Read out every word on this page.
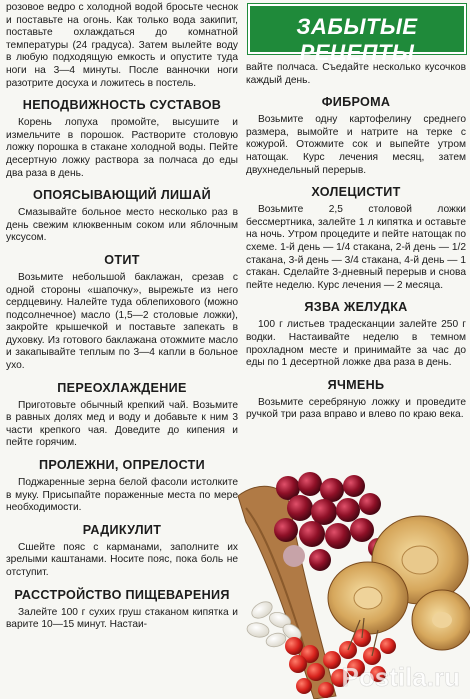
ЗАБЫТЫЕ РЕЦЕПТЫ

розовое ведро с холодной водой бросьте чеснок и поставьте на огонь. Как только вода закипит, поставьте охлаждаться до комнатной температуры (24 градуса). Затем вылейте воду в любую подходящую емкость и опустите туда ноги на 3—4 минуты. После ванночки ноги разотрите досуха и ложитесь в постель.

НЕПОДВИЖНОСТЬ СУСТАВОВ

Корень лопуха промойте, высушите и измельчите в порошок. Растворите столовую ложку порошка в стакане холодной воды. Пейте десертную ложку раствора за полчаса до еды два раза в день.

ОПОЯСЫВАЮЩИЙ ЛИШАЙ

Смазывайте больное место несколько раз в день свежим клюквенным соком или яблочным уксусом.

ОТИТ

Возьмите небольшой баклажан, срезав с одной стороны «шапочку», вырежьте из него сердцевину. Налейте туда облепихового (можно подсолнечное) масло (1,5—2 столовые ложки), закройте крышечкой и поставьте запекать в духовку. Из готового баклажана отожмите масло и закапывайте теплым по 3—4 капли в больное ухо.

ПЕРЕОХЛАЖДЕНИЕ

Приготовьте обычный крепкий чай. Возьмите в равных долях мед и воду и добавьте к ним 3 части крепкого чая. Доведите до кипения и пейте горячим.

ПРОЛЕЖНИ, ОПРЕЛОСТИ

Поджаренные зерна белой фасоли истолките в муку. Присыпайте пораженные места по мере необходимости.

РАДИКУЛИТ

Сшейте пояс с карманами, заполните их зрелыми каштанами. Носите пояс, пока боль не отступит.

РАССТРОЙСТВО ПИЩЕВАРЕНИЯ

Залейте 100 г сухих груш стаканом кипятка и варите 10—15 минут. Настаи-

вайте полчаса. Съедайте несколько кусочков каждый день.

ФИБРОМА

Возьмите одну картофелину среднего размера, вымойте и натрите на терке с кожурой. Отожмите сок и выпейте утром натощак. Курс лечения месяц, затем двухнедельный перерыв.

ХОЛЕЦИСТИТ

Возьмите 2,5 столовой ложки бессмертника, залейте 1 л кипятка и оставьте на ночь. Утром процедите и пейте натощак по схеме. 1-й день — 1/4 стакана, 2-й день — 1/2 стакана, 3-й день — 3/4 стакана, 4-й день — 1 стакан. Сделайте 3-дневный перерыв и снова пейте неделю. Курс лечения — 2 месяца.

ЯЗВА ЖЕЛУДКА

100 г листьев традесканции залейте 250 г водки. Настаивайте неделю в темном прохладном месте и принимайте за час до еды по 1 десертной ложке два раза в день.

ЯЧМЕНЬ

Возьмите серебряную ложку и проведите ручкой три раза вправо и влево по краю века.

Postila.ru
